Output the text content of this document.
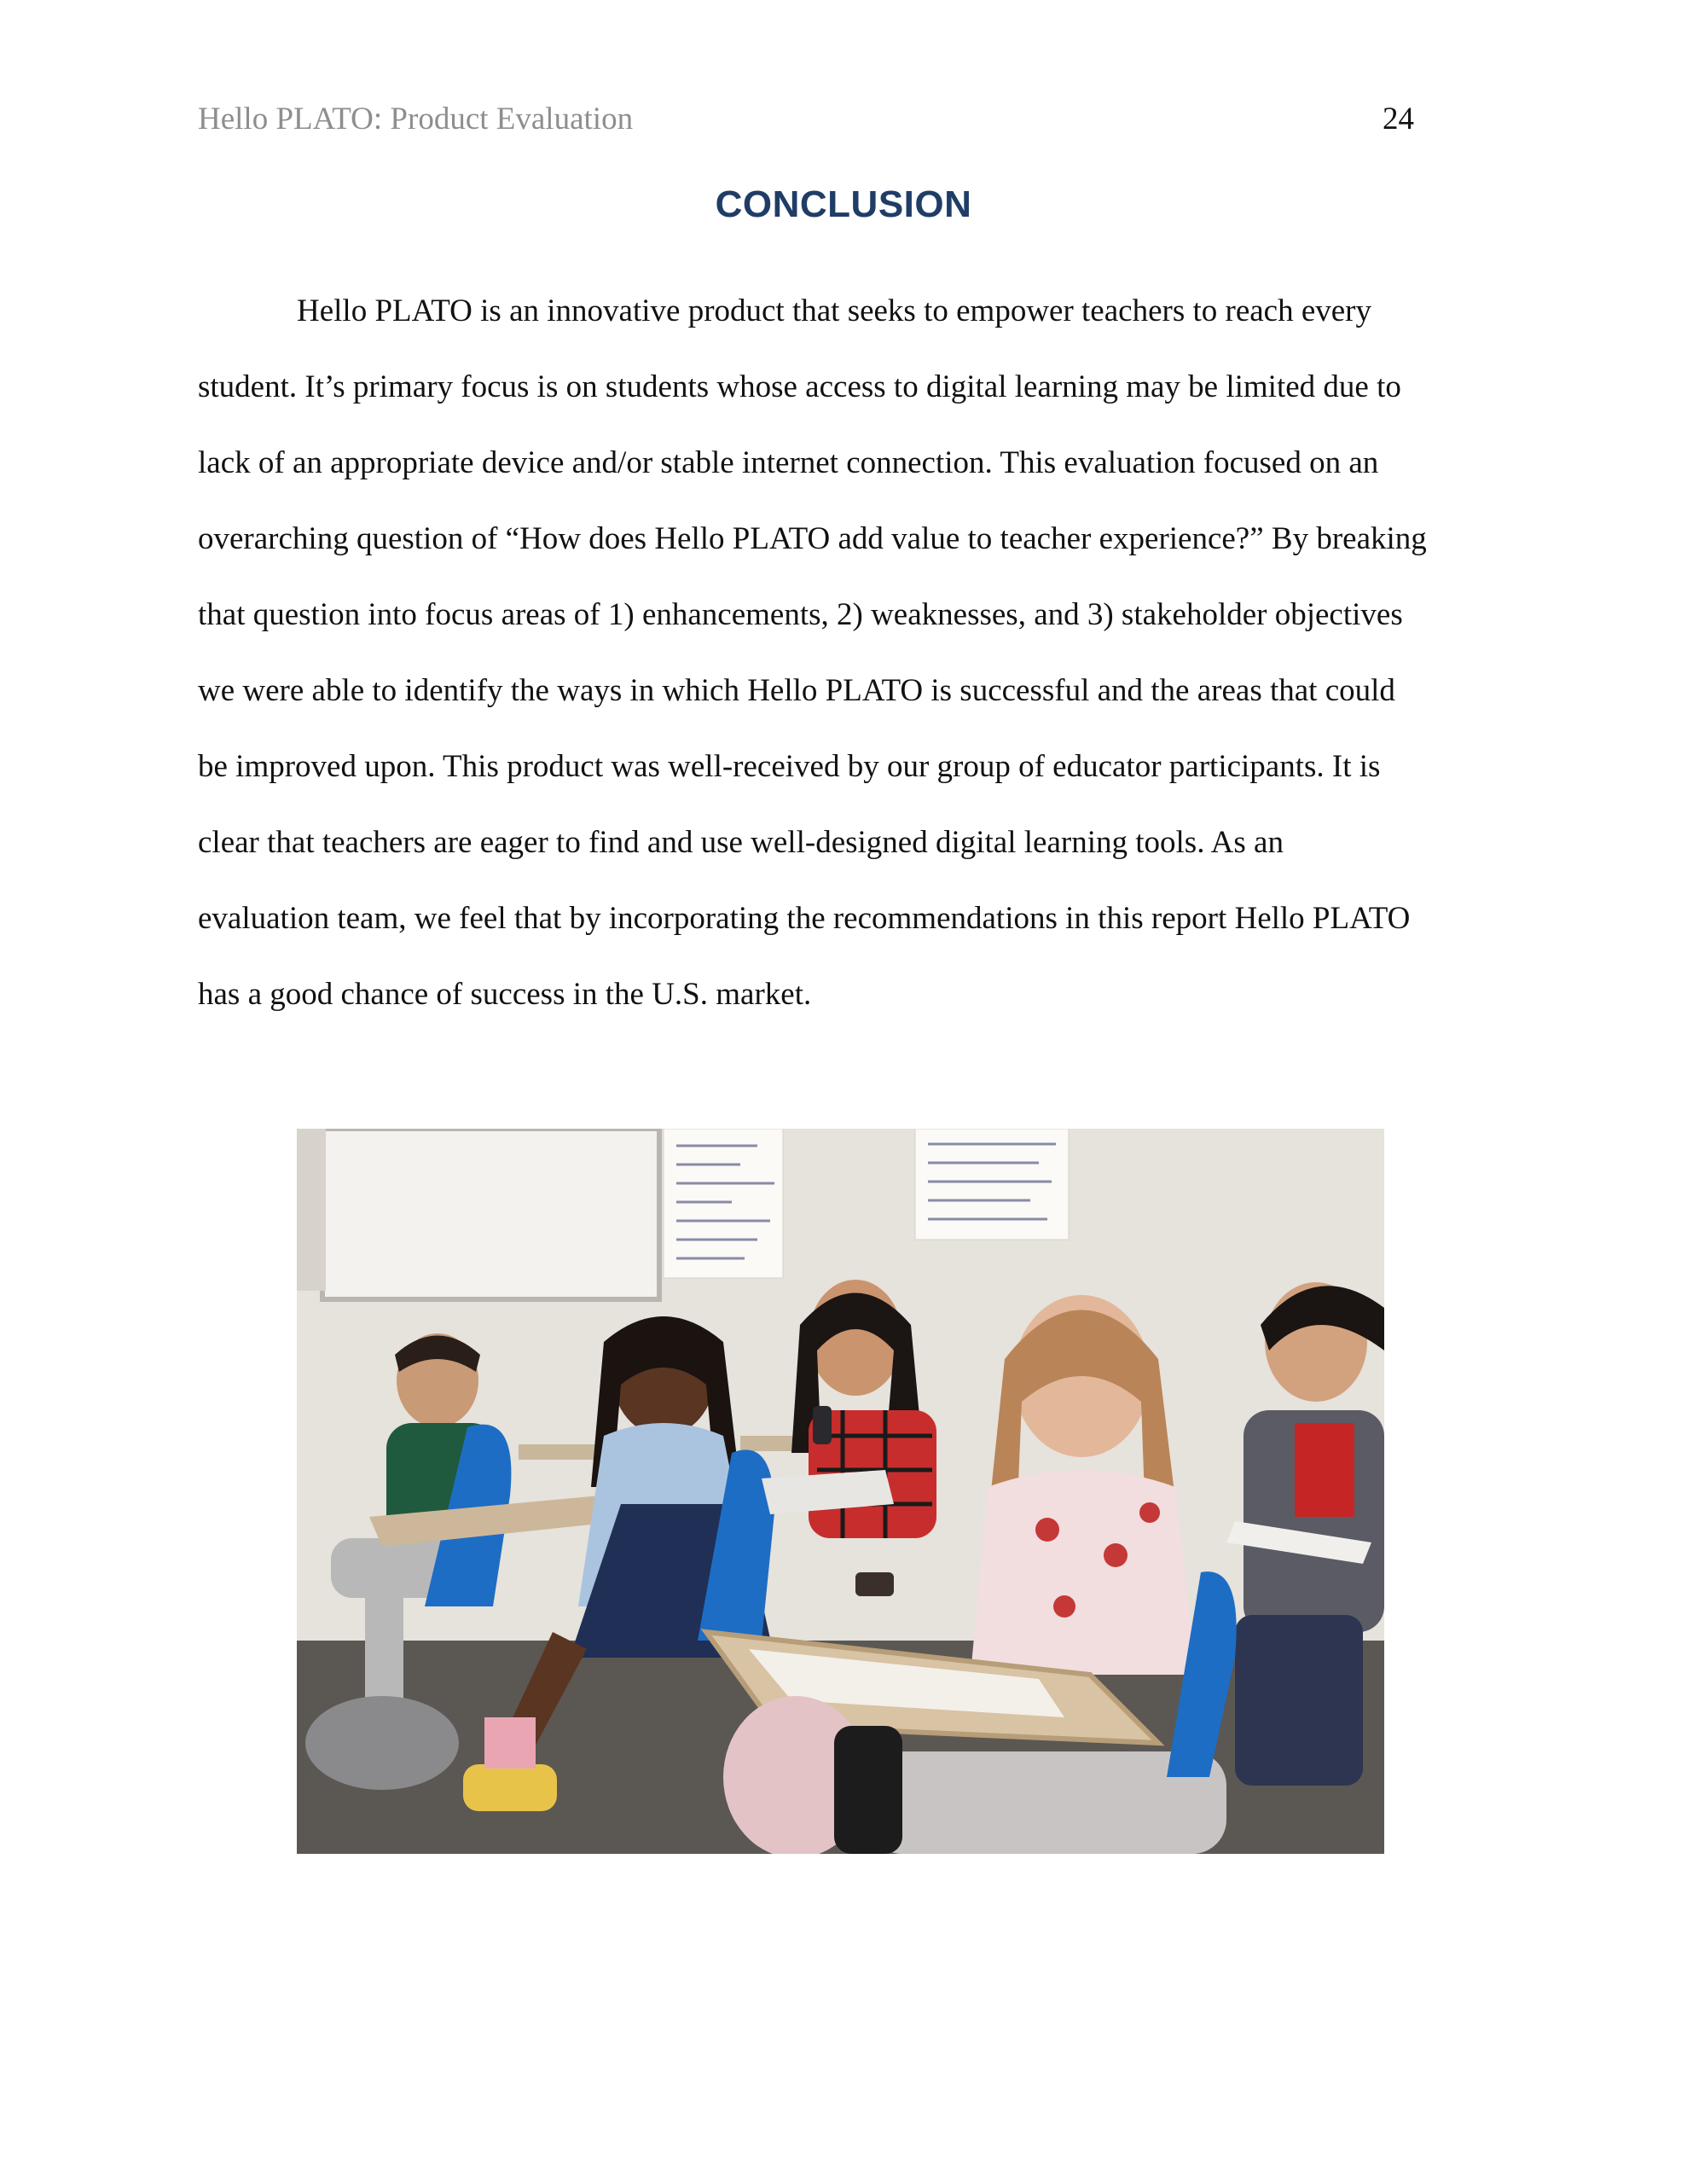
Hello PLATO: Product Evaluation	24
CONCLUSION
Hello PLATO is an innovative product that seeks to empower teachers to reach every
student. It’s primary focus is on students whose access to digital learning may be limited due to
lack of an appropriate device and/or stable internet connection. This evaluation focused on an
overarching question of “How does Hello PLATO add value to teacher experience?” By breaking
that question into focus areas of 1) enhancements, 2) weaknesses, and 3) stakeholder objectives
we were able to identify the ways in which Hello PLATO is successful and the areas that could
be improved upon. This product was well-received by our group of educator participants. It is
clear that teachers are eager to find and use well-designed digital learning tools. As an
evaluation team, we feel that by incorporating the recommendations in this report Hello PLATO
has a good chance of success in the U.S. market.
